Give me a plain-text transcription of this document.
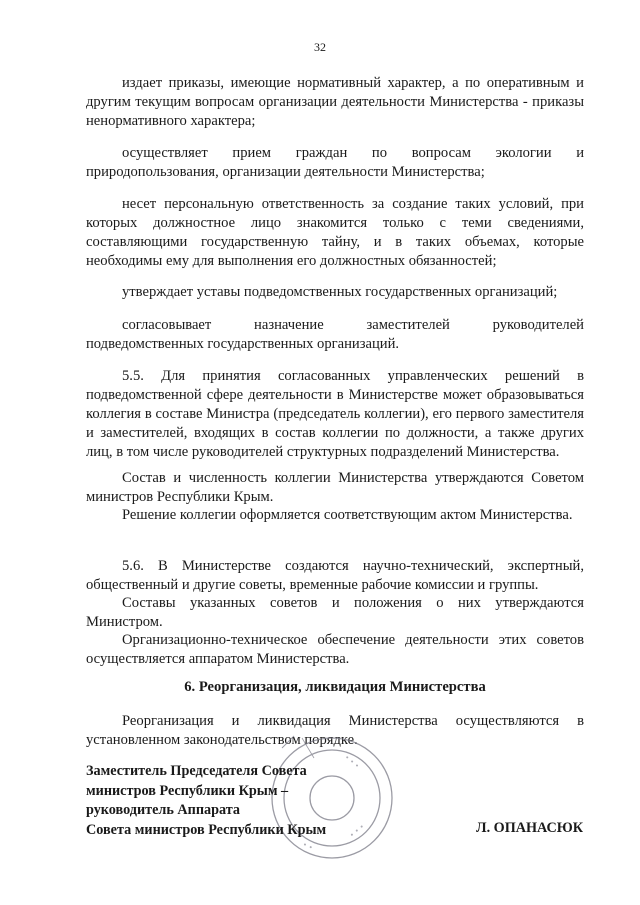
32

издает приказы, имеющие нормативный характер, а по оперативным и другим текущим вопросам организации деятельности Министерства - приказы ненормативного характера;

осуществляет прием граждан по вопросам экологии и природопользования, организации деятельности Министерства;

несет персональную ответственность за создание таких условий, при которых должностное лицо знакомится только с теми сведениями, составляющими государственную тайну, и в таких объемах, которые необходимы ему для выполнения его должностных обязанностей;

утверждает уставы подведомственных государственных организаций;

согласовывает назначение заместителей руководителей подведомственных государственных организаций.

5.5. Для принятия согласованных управленческих решений в подведомственной сфере деятельности в Министерстве может образовываться коллегия в составе Министра (председатель коллегии), его первого заместителя и заместителей, входящих в состав коллегии по должности, а также других лиц, в том числе руководителей структурных подразделений Министерства.

Состав и численность коллегии Министерства утверждаются Советом министров Республики Крым.

Решение коллегии оформляется соответствующим актом Министерства.

5.6. В Министерстве создаются научно-технический, экспертный, общественный и другие советы, временные рабочие комиссии и группы.

Составы указанных советов и положения о них утверждаются Министром.

Организационно-техническое обеспечение деятельности этих советов осуществляется аппаратом Министерства.

6. Реорганизация, ликвидация Министерства

Реорганизация и ликвидация Министерства осуществляются в установленном законодательством порядке.

• • •
• • •
• •
Заместитель Председателя Совета
министров Республики Крым –
руководитель Аппарата
Совета министров Республики Крым	Л. ОПАНАСЮК
